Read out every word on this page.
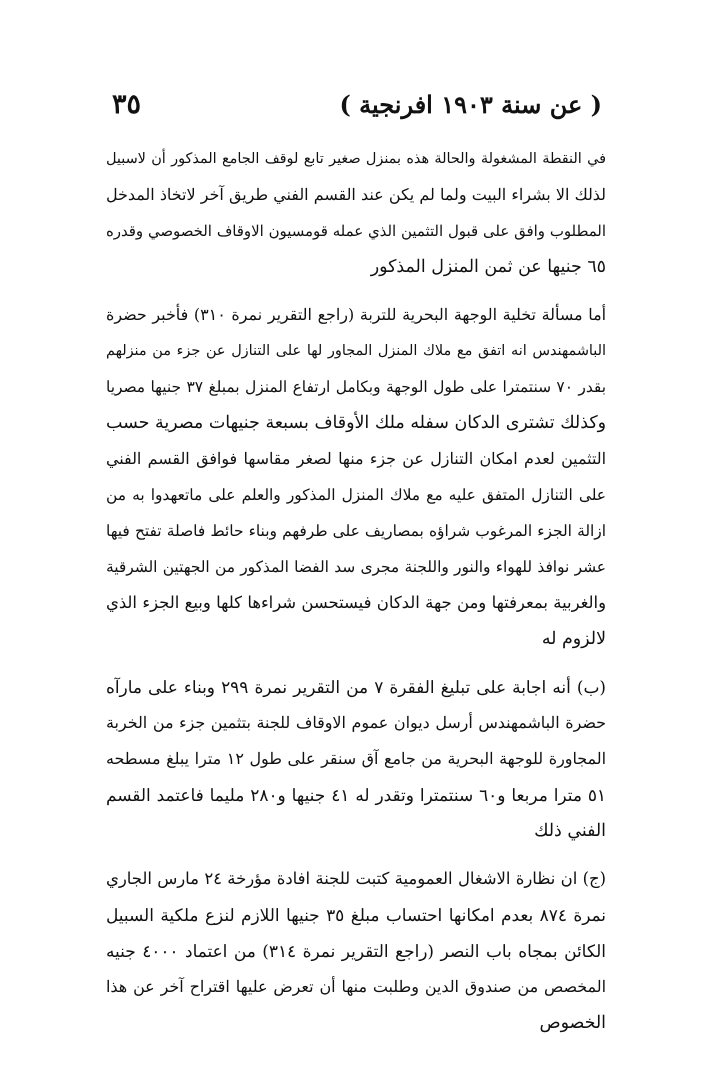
٣٥	( عن سنة ١٩٠٣ افرنجية )
في النقطة المشغولة والحالة هذه بمنزل صغير تابع لوقف الجامع المذكور أن لاسبيل
لذلك الا بشراء البيت ولما لم يكن عند القسم الفني طريق آخر لاتخاذ المدخل
المطلوب وافق على قبول التثمين الذي عمله قومسيون الاوقاف الخصوصي وقدره
٦٥ جنيها عن ثمن المنزل المذكور
أما مسألة تخلية الوجهة البحرية للتربة (راجع التقرير نمرة ٣١٠) فأخبر حضرة
الباشمهندس انه اتفق مع ملاك المنزل المجاور لها على التنازل عن جزء من منزلهم
بقدر ٧٠ سنتمترا على طول الوجهة وبكامل ارتفاع المنزل بمبلغ ٣٧ جنيها مصريا
وكذلك تشترى الدكان سفله ملك الأوقاف بسبعة جنيهات مصرية حسب
التثمين لعدم امكان التنازل عن جزء منها لصغر مقاسها فوافق القسم الفني
على التنازل المتفق عليه مع ملاك المنزل المذكور والعلم على ماتعهدوا به من
ازالة الجزء المرغوب شراؤه بمصاريف على طرفهم وبناء حائط فاصلة تفتح فيها
عشر نوافذ للهواء والنور واللجنة مجرى سد الفضا المذكور من الجهتين الشرقية
والغربية بمعرفتها ومن جهة الدكان فيستحسن شراءها كلها وبيع الجزء الذي
لالزوم له
(ب) أنه اجابة على تبليغ الفقرة ٧ من التقرير نمرة ٢٩٩ وبناء على مارآه
حضرة الباشمهندس أرسل ديوان عموم الاوقاف للجنة بتثمين جزء من الخربة
المجاورة للوجهة البحرية من جامع آق سنقر على طول ١٢ مترا يبلغ مسطحه
٥١ مترا مربعا و٦٠ سنتمترا وتقدر له ٤١ جنيها و٢٨٠ مليما فاعتمد القسم
الفني ذلك
(ج) ان نظارة الاشغال العمومية كتبت للجنة افادة مؤرخة ٢٤ مارس الجاري
نمرة ٨٧٤ بعدم امكانها احتساب مبلغ ٣٥ جنيها اللازم لنزع ملكية السبيل
الكائن بمجاه باب النصر (راجع التقرير نمرة ٣١٤) من اعتماد ٤٠٠٠ جنيه
المخصص من صندوق الدين وطلبت منها أن تعرض عليها اقتراح آخر عن هذا
الخصوص
